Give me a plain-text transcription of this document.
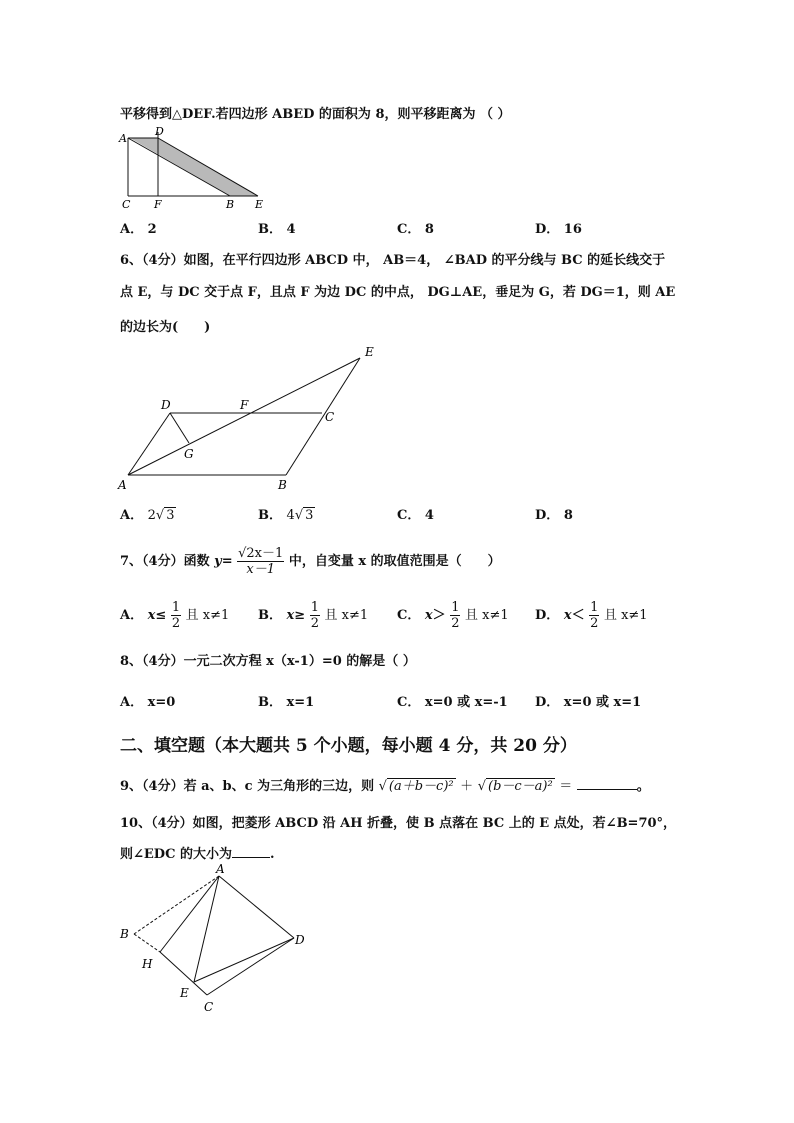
平移得到△DEF.若四边形 ABED 的面积为 8，则平移距离为 （ ）
A
D
C F	B E
A． 2	B． 4	C． 8	D． 16
6、（4分）如图，在平行四边形 ABCD 中， AB＝4， ∠BAD 的平分线与 BC 的延长线交于
点 E，与 DC 交于点 F，且点 F 为边 DC 的中点， DG⊥AE，垂足为 G，若 DG＝1，则 AE
的边长为(　　)
A	B
C
D
E
F
G
A． 2√ 3	B． 4√ 3	C． 4	D． 8
7、（4分）函数 $y= \frac{√2x-1}{x-1}$ 中，自变量 x 的取值范围是（　　）
A． $x\le \frac{1}{2}$ 且 x≠1 B． $x\ge \frac{1}{2}$ 且 x≠1 C． $x> \frac{1}{2}$ 且 x≠1 D． $x< \frac{1}{2}$ 且 x≠1
8、（4分）一元二次方程 x（x-1）=0 的解是（ ）
A． x=0	B． x=1	C． x=0 或 x=-1 D． x=0 或 x=1
二、填空题（本大题共 5 个小题，每小题 4 分，共 20 分）
9、（4分）若 a、b、c 为三角形的三边，则 √ (a＋b－c)² ＋ √ (b－c－a)² ＝	。
10、（4分）如图，把菱形 ABCD 沿 AH 折叠，使 B 点落在 BC 上的 E 点处，若∠B=70°，
则∠EDC 的大小为	.
A
B
H
D
E
C
